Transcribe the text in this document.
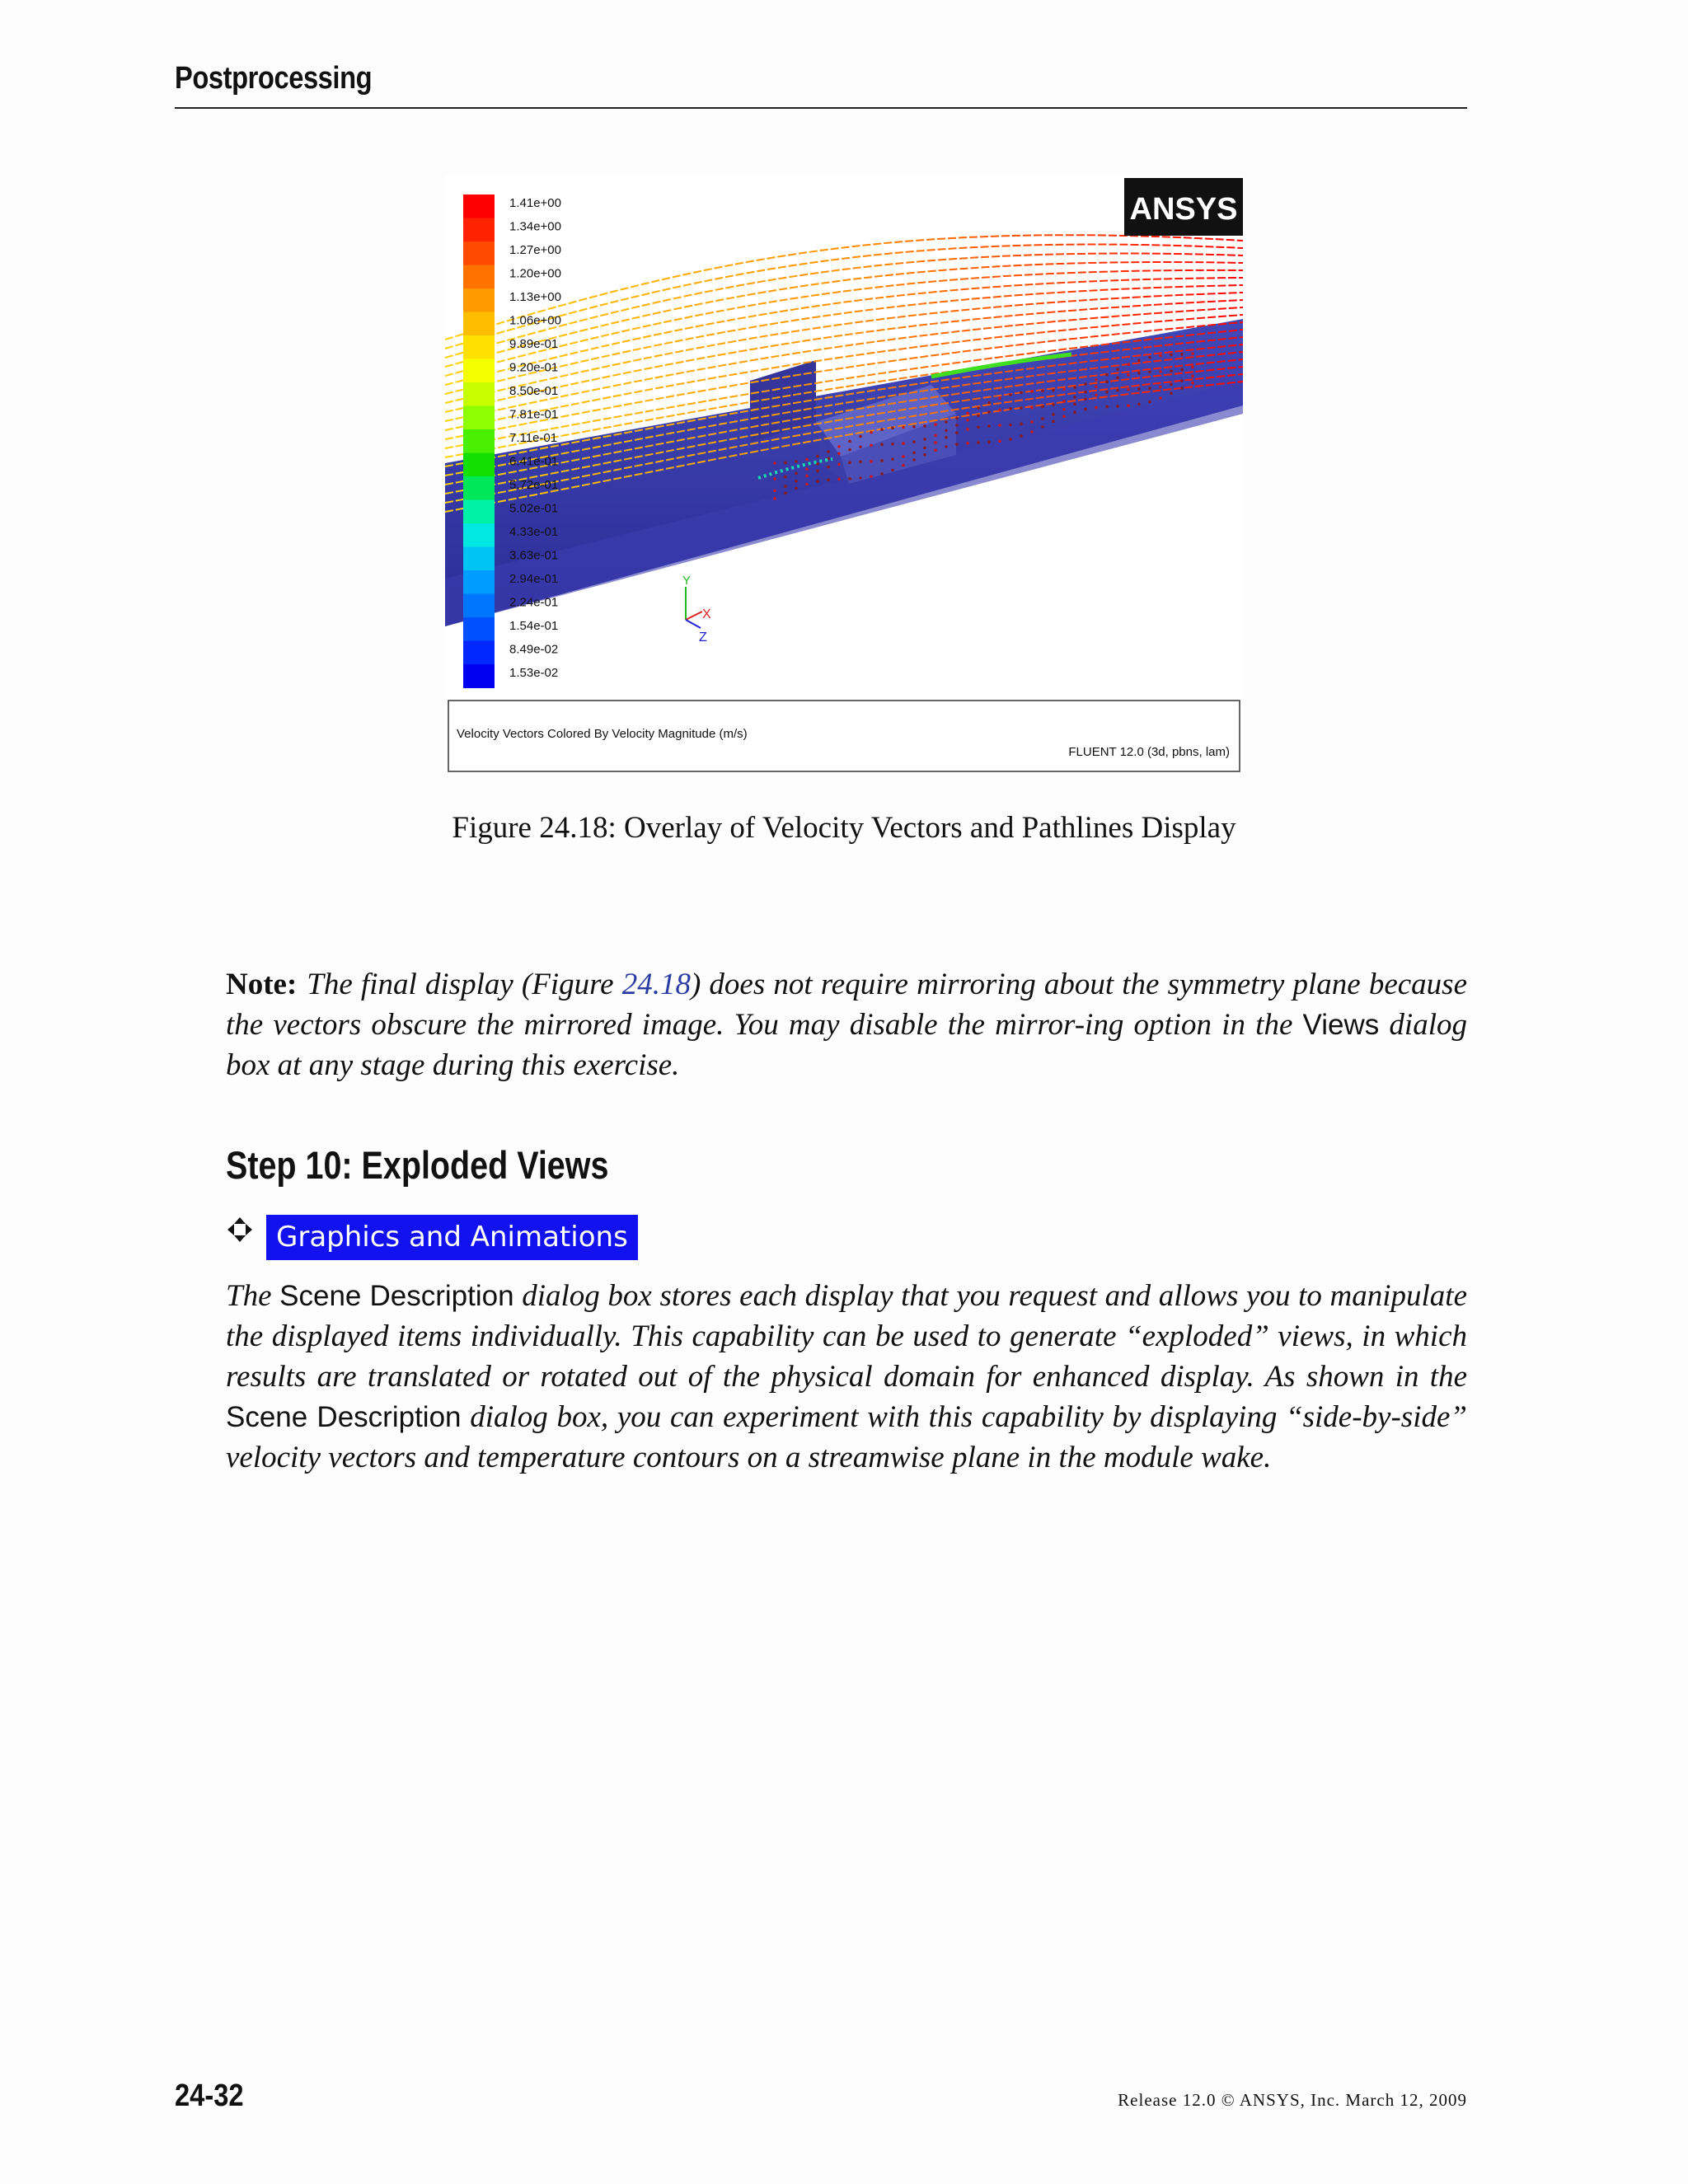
Postprocessing
1.41e+00
1.34e+00
1.27e+00
1.20e+00
1.13e+00
1.06e+00
9.89e-01
9.20e-01
8.50e-01
7.81e-01
7.11e-01
6.41e-01
5.72e-01
5.02e-01
4.33e-01
3.63e-01
2.94e-01
2.24e-01
1.54e-01
8.49e-02
1.53e-02
ANSYS
Y
X
Z
Velocity Vectors Colored By Velocity Magnitude (m/s)
FLUENT 12.0 (3d, pbns, lam)
Figure 24.18: Overlay of Velocity Vectors and Pathlines Display
Note: The final display (Figure 24.18) does not require mirroring about the symmetry plane because the vectors obscure the mirrored image. You may disable the mirror-ing option in the Views dialog box at any stage during this exercise.
Step 10: Exploded Views
Graphics and Animations
The Scene Description dialog box stores each display that you request and allows you to manipulate the displayed items individually. This capability can be used to generate “exploded” views, in which results are translated or rotated out of the physical domain for enhanced display. As shown in the Scene Description dialog box, you can experiment with this capability by displaying “side-by-side” velocity vectors and temperature contours on a streamwise plane in the module wake.
24-32	Release 12.0 © ANSYS, Inc. March 12, 2009
